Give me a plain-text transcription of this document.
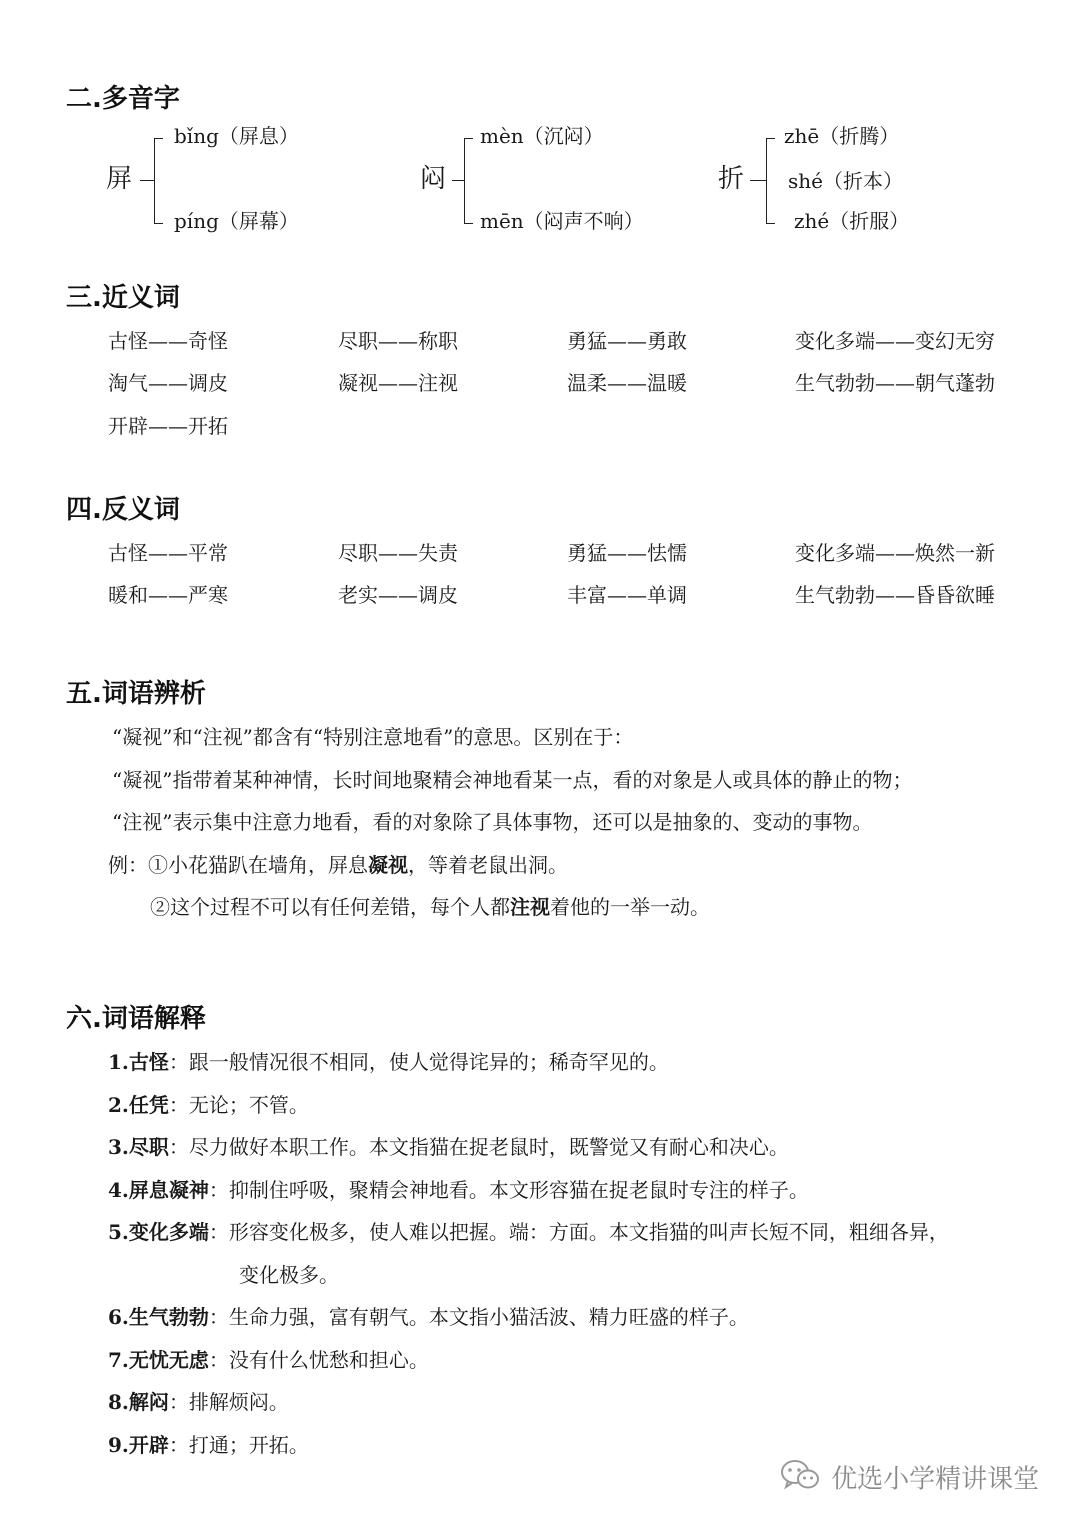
二.多音字
屏
bǐng（屏息）
píng（屏幕）
闷
mèn（沉闷）
mēn（闷声不响）
折
zhē（折腾）
shé（折本）
zhé（折服）
三.近义词
古怪——奇怪	尽职——称职	勇猛——勇敢	变化多端——变幻无穷
淘气——调皮	凝视——注视	温柔——温暖	生气勃勃——朝气蓬勃
开辟——开拓
四.反义词
古怪——平常	尽职——失责	勇猛——怯懦	变化多端——焕然一新
暖和——严寒	老实——调皮	丰富——单调	生气勃勃——昏昏欲睡
五.词语辨析
“凝视”和“注视”都含有“特别注意地看”的意思。区别在于：
“凝视”指带着某种神情，长时间地聚精会神地看某一点，看的对象是人或具体的静止的物；
“注视”表示集中注意力地看，看的对象除了具体事物，还可以是抽象的、变动的事物。
例：①小花猫趴在墙角，屏息凝视，等着老鼠出洞。
②这个过程不可以有任何差错，每个人都注视着他的一举一动。
六.词语解释
1.古怪：跟一般情况很不相同，使人觉得诧异的；稀奇罕见的。
2.任凭：无论；不管。
3.尽职：尽力做好本职工作。本文指猫在捉老鼠时，既警觉又有耐心和决心。
4.屏息凝神：抑制住呼吸，聚精会神地看。本文形容猫在捉老鼠时专注的样子。
5.变化多端：形容变化极多，使人难以把握。端：方面。本文指猫的叫声长短不同，粗细各异，
变化极多。
6.生气勃勃：生命力强，富有朝气。本文指小猫活波、精力旺盛的样子。
7.无忧无虑：没有什么忧愁和担心。
8.解闷：排解烦闷。
9.开辟：打通；开拓。
优选小学精讲课堂
